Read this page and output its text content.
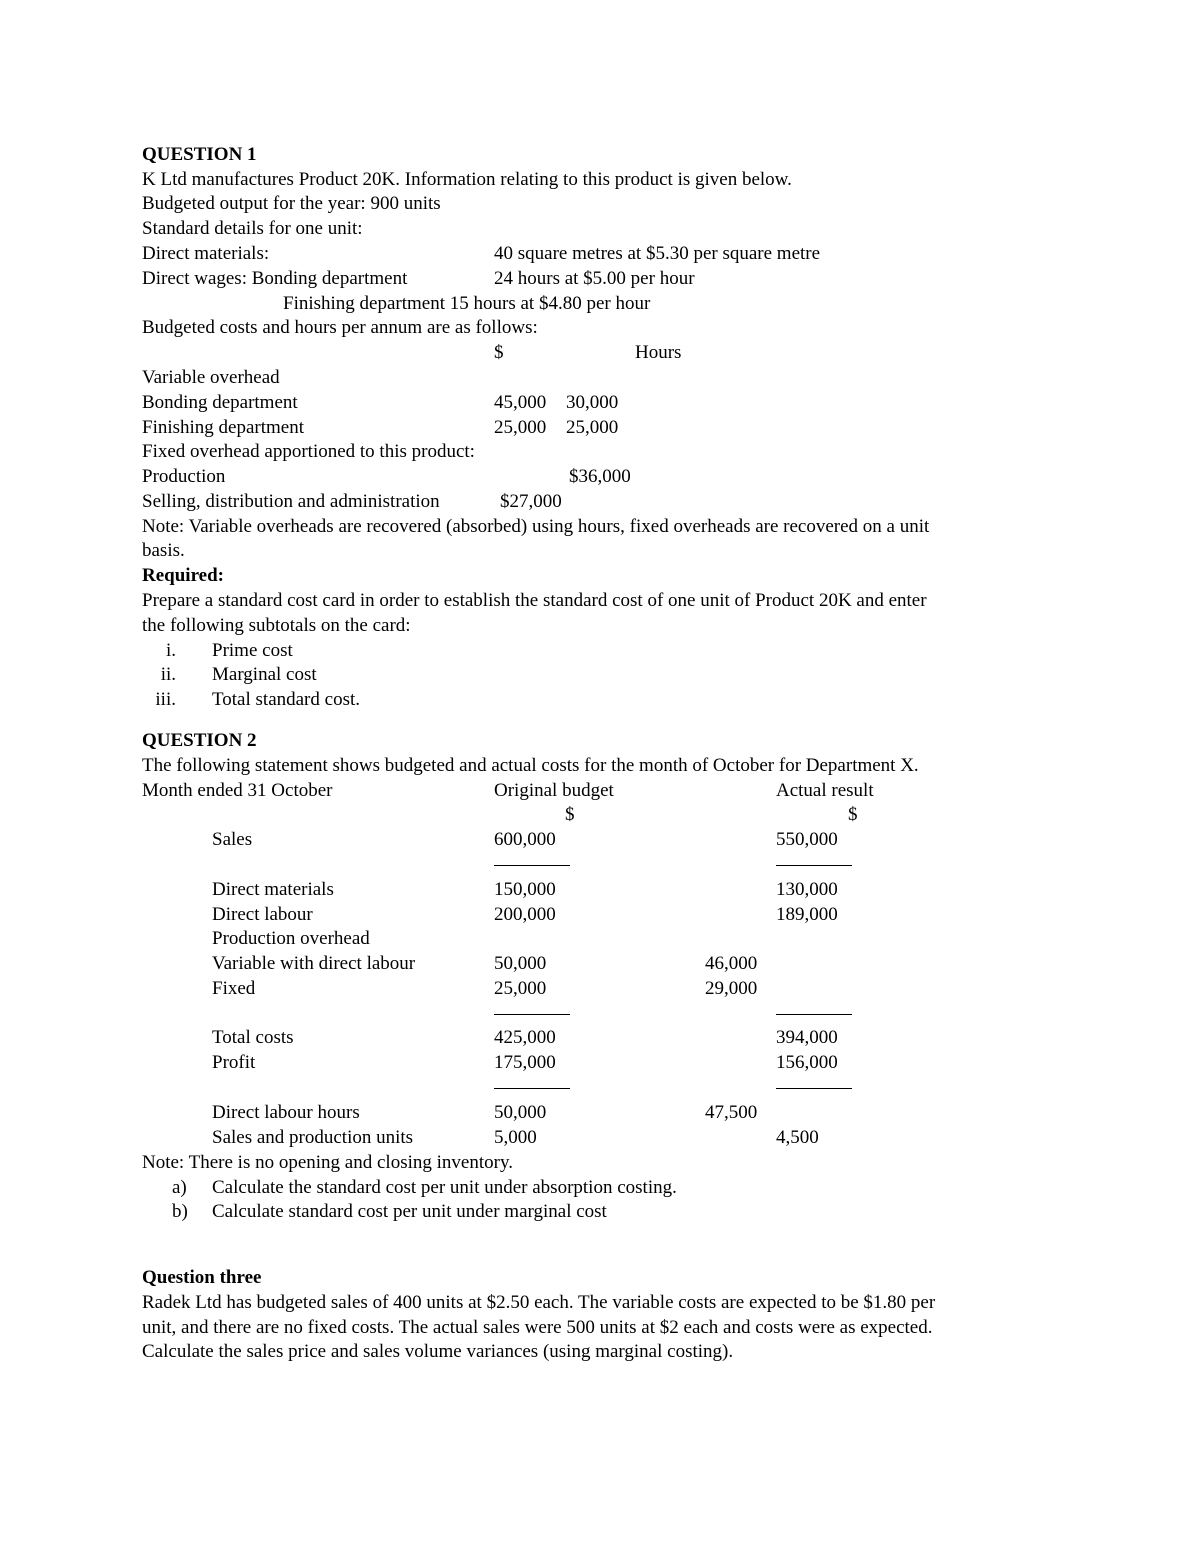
QUESTION 1
K Ltd manufactures Product 20K. Information relating to this product is given below.
Budgeted output for the year: 900 units
Standard details for one unit:
Direct materials:	40 square metres at $5.30 per square metre
Direct wages: Bonding department	24 hours at $5.00 per hour
Finishing department 15 hours at $4.80 per hour
Budgeted costs and hours per annum are as follows:
$	Hours
Variable overhead
Bonding department	45,000 30,000
Finishing department	25,000 25,000
Fixed overhead apportioned to this product:
Production	$36,000
Selling, distribution and administration	$27,000
Note: Variable overheads are recovered (absorbed) using hours, fixed overheads are recovered on a unit
basis.
Required:
Prepare a standard cost card in order to establish the standard cost of one unit of Product 20K and enter
the following subtotals on the card:
i. Prime cost
ii. Marginal cost
iii. Total standard cost.
QUESTION 2
The following statement shows budgeted and actual costs for the month of October for Department X.
Month ended 31 October	Original budget	Actual result
$	$
Sales	600,000	550,000
Direct materials	150,000	130,000
Direct labour	200,000	189,000
Production overhead
Variable with direct labour	50,000	46,000
Fixed	25,000	29,000
Total costs	425,000	394,000
Profit	175,000	156,000
Direct labour hours	50,000	47,500
Sales and production units	5,000	4,500
Note: There is no opening and closing inventory.
a) Calculate the standard cost per unit under absorption costing.
b) Calculate standard cost per unit under marginal cost
Question three
Radek Ltd has budgeted sales of 400 units at $2.50 each. The variable costs are expected to be $1.80 per
unit, and there are no fixed costs. The actual sales were 500 units at $2 each and costs were as expected.
Calculate the sales price and sales volume variances (using marginal costing).
